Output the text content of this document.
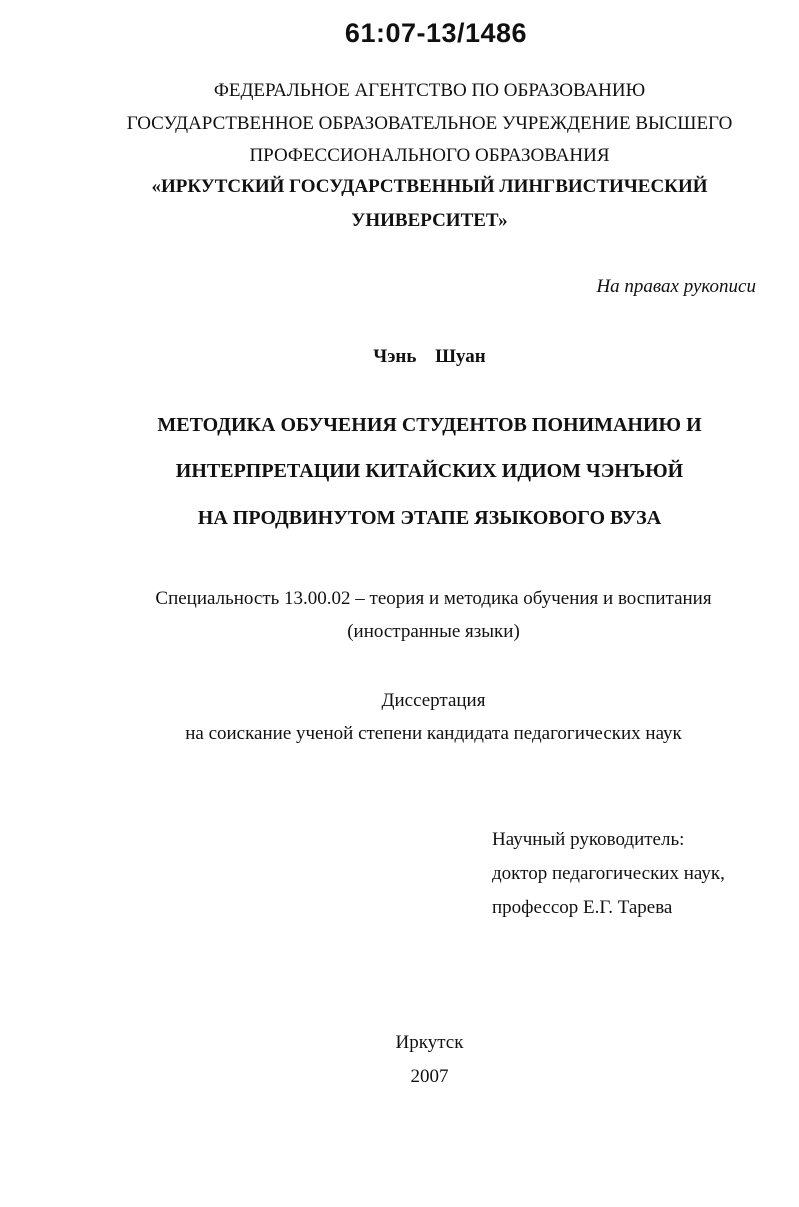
61:07-13/1486
ФЕДЕРАЛЬНОЕ АГЕНТСТВО ПО ОБРАЗОВАНИЮ
ГОСУДАРСТВЕННОЕ ОБРАЗОВАТЕЛЬНОЕ УЧРЕЖДЕНИЕ ВЫСШЕГО
ПРОФЕССИОНАЛЬНОГО ОБРАЗОВАНИЯ
«ИРКУТСКИЙ ГОСУДАРСТВЕННЫЙ ЛИНГВИСТИЧЕСКИЙ
УНИВЕРСИТЕТ»
На правах рукописи
Чэнь Шуан
МЕТОДИКА ОБУЧЕНИЯ СТУДЕНТОВ ПОНИМАНИЮ И
ИНТЕРПРЕТАЦИИ КИТАЙСКИХ ИДИОМ ЧЭНЪЮЙ
НА ПРОДВИНУТОМ ЭТАПЕ ЯЗЫКОВОГО ВУЗА
Специальность 13.00.02 – теория и методика обучения и воспитания
(иностранные языки)
Диссертация
на соискание ученой степени кандидата педагогических наук
Научный руководитель:
доктор педагогических наук,
профессор Е.Г. Тарева
Иркутск
2007
